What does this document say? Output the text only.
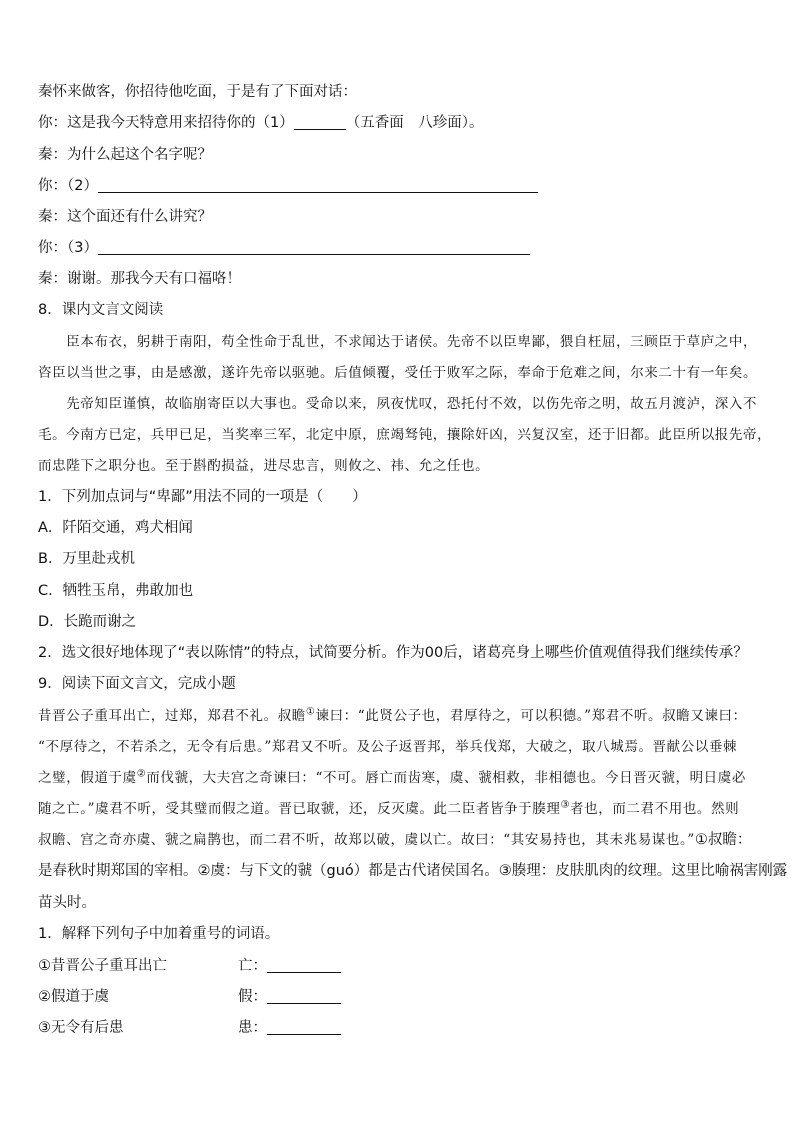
秦怀来做客，你招待他吃面，于是有了下面对话：
你：这是我今天特意用来招待你的（1）	（五香面　八珍面）。
秦：为什么起这个名字呢？
你：（2）
秦：这个面还有什么讲究？
你：（3）
秦：谢谢。那我今天有口福咯！
8．课内文言文阅读
　　臣本布衣，躬耕于南阳，苟全性命于乱世，不求闻达于诸侯。先帝不以臣卑鄙，猥自枉屈，三顾臣于草庐之中，
咨臣以当世之事，由是感激，遂许先帝以驱驰。后值倾覆，受任于败军之际，奉命于危难之间，尔来二十有一年矣。
　　先帝知臣谨慎，故临崩寄臣以大事也。受命以来，夙夜忧叹，恐托付不效，以伤先帝之明，故五月渡泸，深入不
毛。今南方已定，兵甲已足，当奖率三军，北定中原，庶竭驽钝，攘除奸凶，兴复汉室，还于旧都。此臣所以报先帝，
而忠陛下之职分也。至于斟酌损益，进尽忠言，则攸之、祎、允之任也。
1．下列加点词与“卑鄙”用法不同的一项是（　　）
A．阡陌交通，鸡犬相闻
B．万里赴戎机
C．牺牲玉帛，弗敢加也
D．长跪而谢之
2．选文很好地体现了“表以陈情”的特点，试简要分析。作为00后，诸葛亮身上哪些价值观值得我们继续传承？
9．阅读下面文言文，完成小题
昔晋公子重耳出亡，过郑，郑君不礼。叔瞻①谏曰：“此贤公子也，君厚待之，可以积德。”郑君不听。叔瞻又谏曰：
“不厚待之，不若杀之，无令有后患。”郑君又不听。及公子返晋邦，举兵伐郑，大破之，取八城焉。晋献公以垂棘
之璧，假道于虞②而伐虢，大夫宫之奇谏曰：“不可。唇亡而齿寒，虞、虢相救，非相德也。今日晋灭虢，明日虞必
随之亡。”虞君不听，受其璧而假之道。晋已取虢，还，反灭虞。此二臣者皆争于腠理③者也，而二君不用也。然则
叔瞻、宫之奇亦虞、虢之扁鹊也，而二君不听，故郑以破，虞以亡。故曰：“其安易持也，其未兆易谋也。”①叔瞻：
是春秋时期郑国的宰相。②虞：与下文的虢（guó）都是古代诸侯国名。③腠理：皮肤肌肉的纹理。这里比喻祸害刚露
苗头时。
1．解释下列句子中加着重号的词语。
①昔晋公子重耳出亡	亡：
②假道于虞	假：
③无令有后患	患：
